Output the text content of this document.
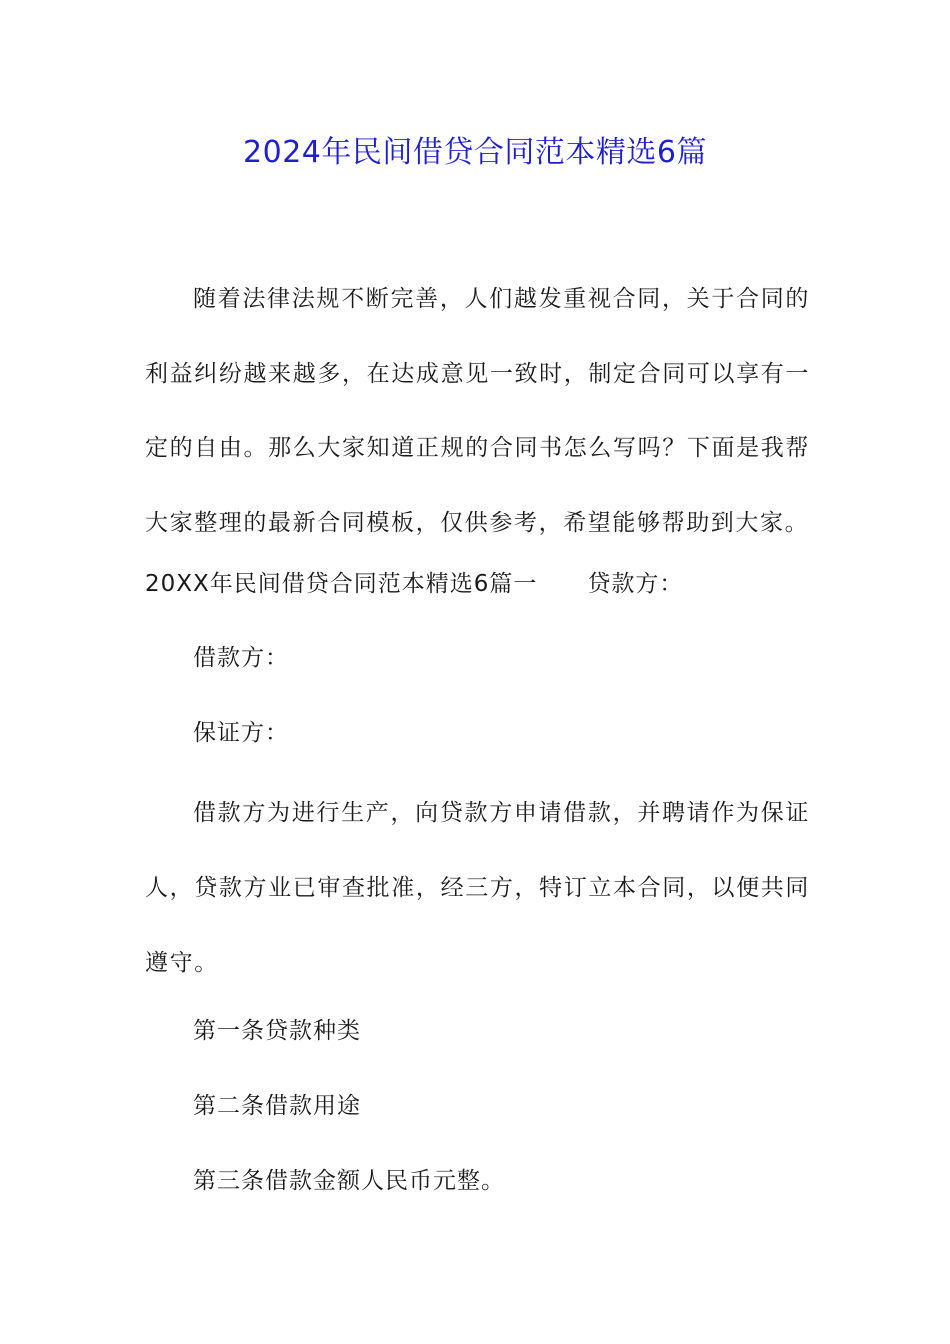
2024年民间借贷合同范本精选6篇
随着法律法规不断完善，人们越发重视合同，关于合同的利益纠纷越来越多，在达成意见一致时，制定合同可以享有一定的自由。那么大家知道正规的合同书怎么写吗？下面是我帮大家整理的最新合同模板，仅供参考，希望能够帮助到大家。
20XX年民间借贷合同范本精选6篇一 贷款方：
借款方：
保证方：
借款方为进行生产，向贷款方申请借款，并聘请作为保证人，贷款方业已审查批准，经三方，特订立本合同，以便共同遵守。
第一条贷款种类
第二条借款用途
第三条借款金额人民币元整。
